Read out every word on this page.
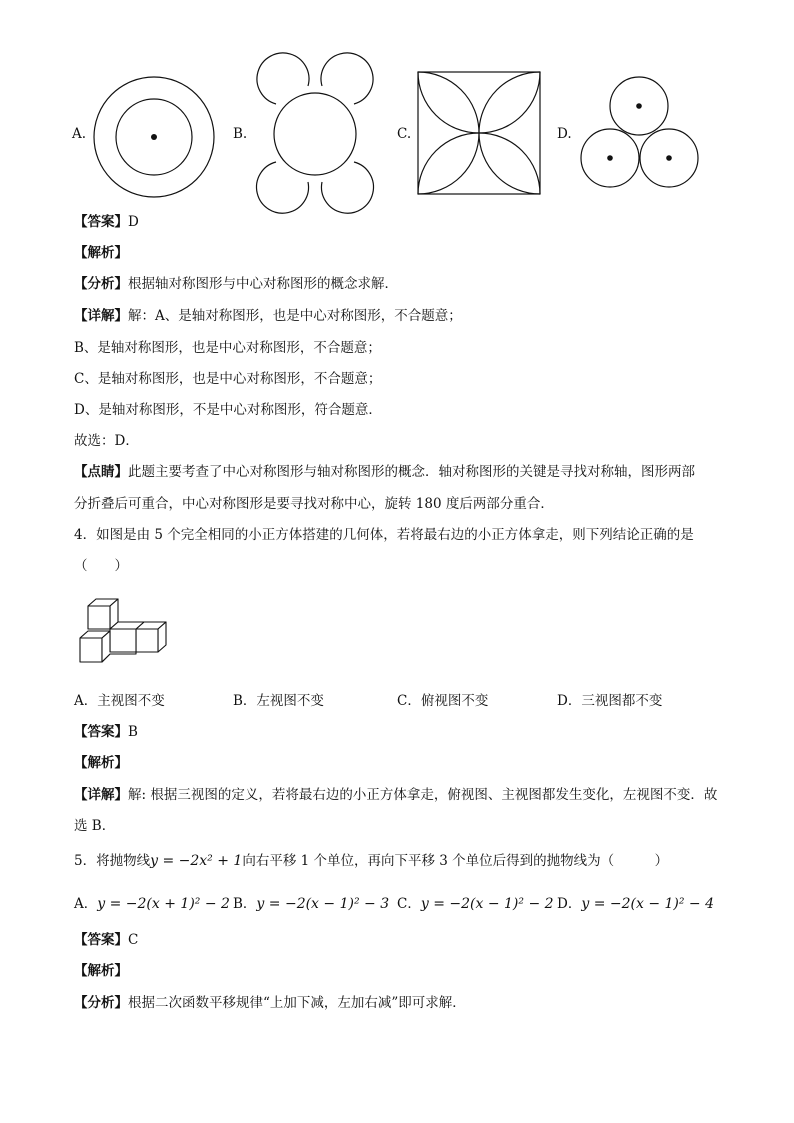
A.	B.	C.	D.
【答案】D
【解析】
【分析】根据轴对称图形与中心对称图形的概念求解．
【详解】解：A、是轴对称图形，也是中心对称图形，不合题意；
B、是轴对称图形，也是中心对称图形，不合题意；
C、是轴对称图形，也是中心对称图形，不合题意；
D、是轴对称图形，不是中心对称图形，符合题意．
故选：D．
【点睛】此题主要考查了中心对称图形与轴对称图形的概念．轴对称图形的关键是寻找对称轴，图形两部
分折叠后可重合，中心对称图形是要寻找对称中心，旋转 180 度后两部分重合．
4．如图是由 5 个完全相同的小正方体搭建的几何体，若将最右边的小正方体拿走，则下列结论正确的是
（　　）
A．主视图不变	B．左视图不变	C．俯视图不变	D．三视图都不变
【答案】B
【解析】
【详解】解: 根据三视图的定义，若将最右边的小正方体拿走，俯视图、主视图都发生变化，左视图不变．故
选 B．
5．将抛物线y = −2x² + 1向右平移 1 个单位，再向下平移 3 个单位后得到的抛物线为（　　　）
A．y = −2(x + 1)² − 2 B．y = −2(x − 1)² − 3 C．y = −2(x − 1)² − 2 D．y = −2(x − 1)² − 4
【答案】C
【解析】
【分析】根据二次函数平移规律“上加下减，左加右减”即可求解．
